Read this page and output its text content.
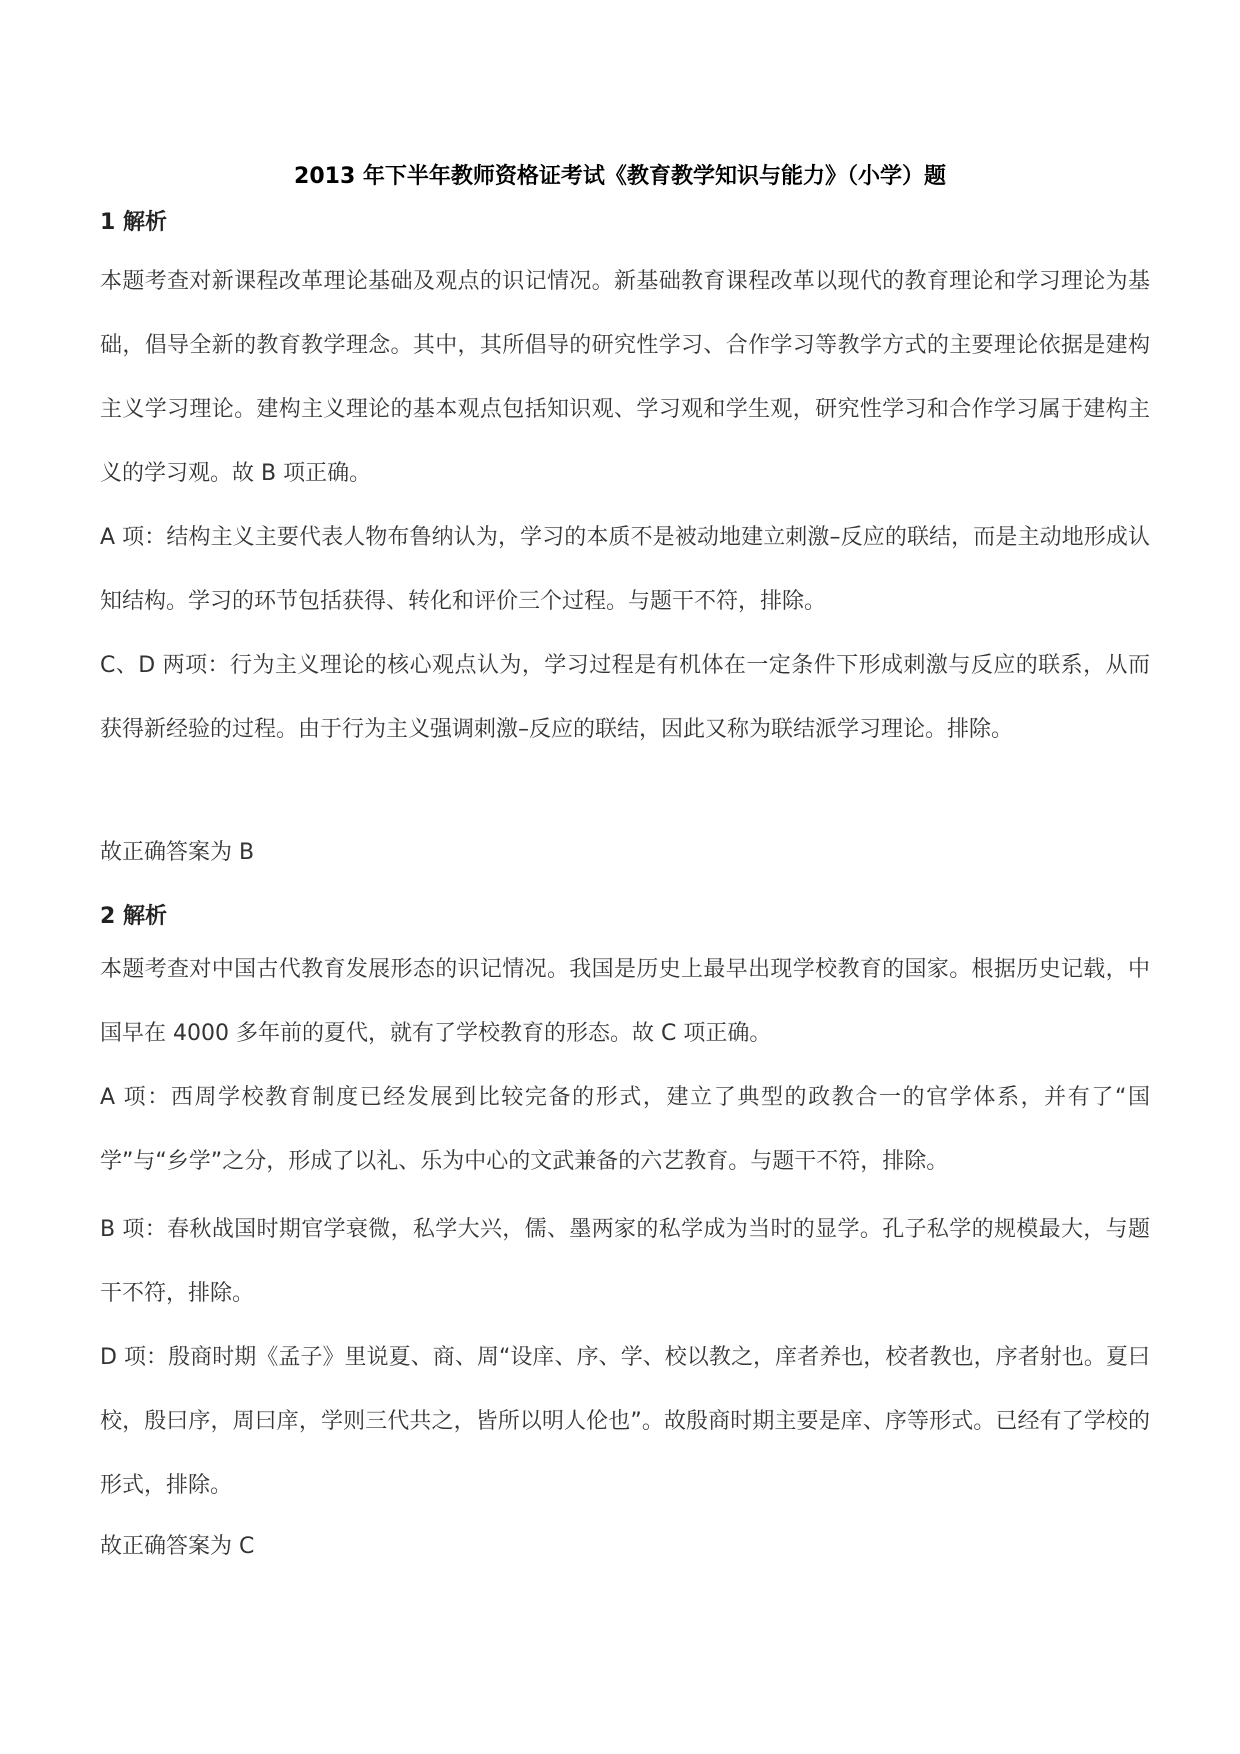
2013 年下半年教师资格证考试《教育教学知识与能力》（小学）题
1 解析
本题考查对新课程改革理论基础及观点的识记情况。新基础教育课程改革以现代的教育理论和学习理论为基础，倡导全新的教育教学理念。其中，其所倡导的研究性学习、合作学习等教学方式的主要理论依据是建构主义学习理论。建构主义理论的基本观点包括知识观、学习观和学生观，研究性学习和合作学习属于建构主义的学习观。故 B 项正确。
A 项：结构主义主要代表人物布鲁纳认为，学习的本质不是被动地建立刺激–反应的联结，而是主动地形成认知结构。学习的环节包括获得、转化和评价三个过程。与题干不符，排除。
C、D 两项：行为主义理论的核心观点认为，学习过程是有机体在一定条件下形成刺激与反应的联系，从而获得新经验的过程。由于行为主义强调刺激–反应的联结，因此又称为联结派学习理论。排除。
故正确答案为 B
2 解析
本题考查对中国古代教育发展形态的识记情况。我国是历史上最早出现学校教育的国家。根据历史记载，中国早在 4000 多年前的夏代，就有了学校教育的形态。故 C 项正确。
A 项：西周学校教育制度已经发展到比较完备的形式，建立了典型的政教合一的官学体系，并有了“国学”与“乡学”之分，形成了以礼、乐为中心的文武兼备的六艺教育。与题干不符，排除。
B 项：春秋战国时期官学衰微，私学大兴，儒、墨两家的私学成为当时的显学。孔子私学的规模最大，与题干不符，排除。
D 项：殷商时期《孟子》里说夏、商、周“设庠、序、学、校以教之，庠者养也，校者教也，序者射也。夏曰校，殷曰序，周曰庠，学则三代共之，皆所以明人伦也”。故殷商时期主要是庠、序等形式。已经有了学校的形式，排除。
故正确答案为 C
